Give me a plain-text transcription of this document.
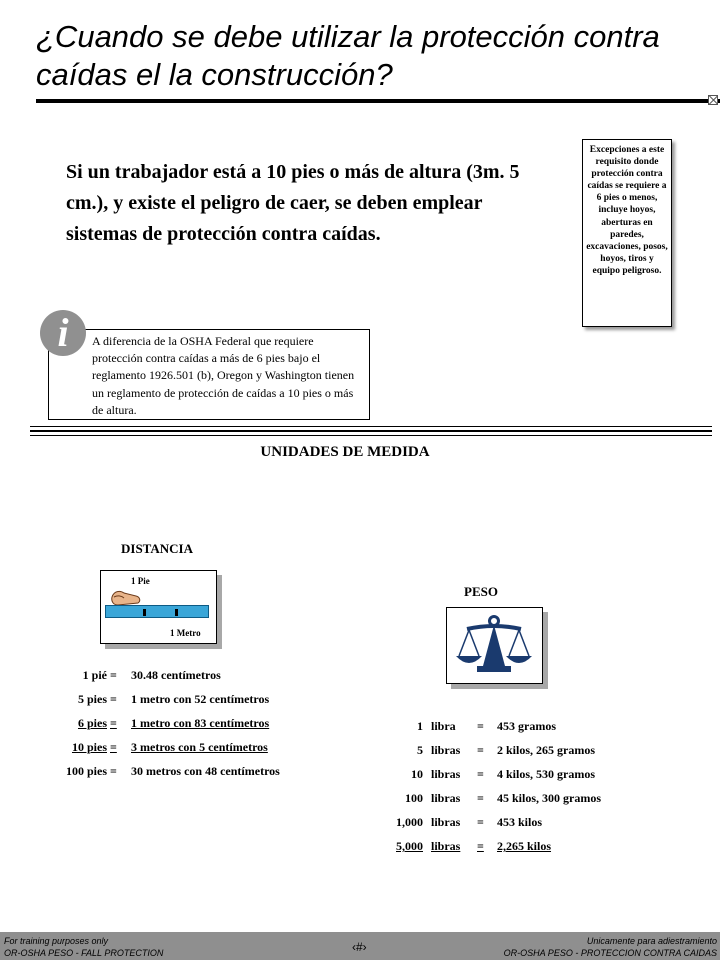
¿Cuando se debe utilizar la protección contra caídas el la construcción?

Si un trabajador está a 10 pies o más de altura (3m. 5 cm.), y existe el peligro de caer, se deben emplear sistemas de protección contra caídas.

Excepciones a este requisito donde protección contra caídas se requiere a 6 pies o menos, incluye hoyos, aberturas en paredes, excavaciones, posos, hoyos, tiros y equipo peligroso.
i	A diferencia de la OSHA Federal que requiere protección contra caídas a más de 6 pies bajo el reglamento 1926.501 (b), Oregon y Washington tienen un reglamento de protección de caídas a 10 pies o más de altura.
UNIDADES DE MEDIDA
DISTANCIA
1 Pie
1 Metro
1 pié = 30.48 centímetros
5 pies = 1 metro con 52 centímetros
6 pies = 1 metro con 83 centímetros
10 pies = 3 metros con 5 centímetros
100 pies = 30 metros con 48 centímetros
PESO
1 libra = 453 gramos
5 libras = 2 kilos, 265 gramos
10 libras = 4 kilos, 530 gramos
100 libras = 45 kilos, 300 gramos
1,000 libras = 453 kilos
5,000 libras = 2,265 kilos
For training purposes only
OR-OSHA PESO - FALL PROTECTION	‹#›	Unicamente para adiestramiento
OR-OSHA PESO - PROTECCION CONTRA CAIDAS
